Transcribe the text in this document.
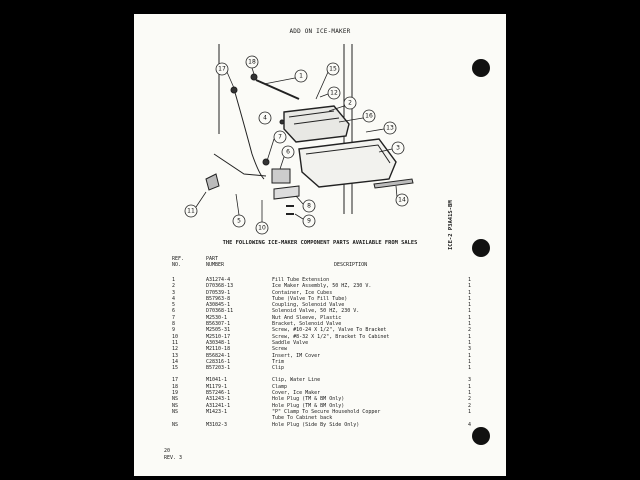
ADD ON ICE-MAKER
1
2
3
4
5
6
7
8
9
10
11
12
13
14
15
16
17
18
ICE-2 P3A41S-BM
THE FOLLOWING ICE-MAKER COMPONENT PARTS AVAILABLE FROM SALES
REF.
NO.
PART
NUMBER	DESCRIPTION
1	A31274-4	Fill Tube Extension	1
2	D70368-13	Ice Maker Assembly, 50 HZ, 230 V.	1
3	D70539-1	Container, Ice Cubes	1
4	B57963-8	Tube (Valve To Fill Tube)	1
5	A30845-1	Coupling, Solenoid Valve	1
6	D70368-11	Solenoid Valve, 50 HZ, 230 V.	1
7	M2530-1	Nut And Sleeve, Plastic	1
8	B56307-1	Bracket, Solenoid Valve	1
9	M2505-31	Screw, #10-24 X 1/2", Valve To Bracket	2
10	M2510-17	Screw, #8-32 X 1/2", Bracket To Cabinet	1
11	A30348-1	Saddle Valve	1
12	M2110-18	Screw	3
13	B56824-1	Insert, IM Cover	1
14	C28316-1	Trim	1
15	B57203-1	Clip	1
17	M1041-1	Clip, Water Line	3
18	M1179-1	Clamp	1
19	B57246-1	Cover, Ice Maker	1
NS	A31243-1	Hole Plug (TM & BM Only)	2
NS	A31241-1	Hole Plug (TM & BM Only)	2
NS	M1423-1	"P" Clamp To Secure Household Copper	1
Tube To Cabinet back
NS	M3102-3	Hole Plug (Side By Side Only)	4
20
REV. 3
